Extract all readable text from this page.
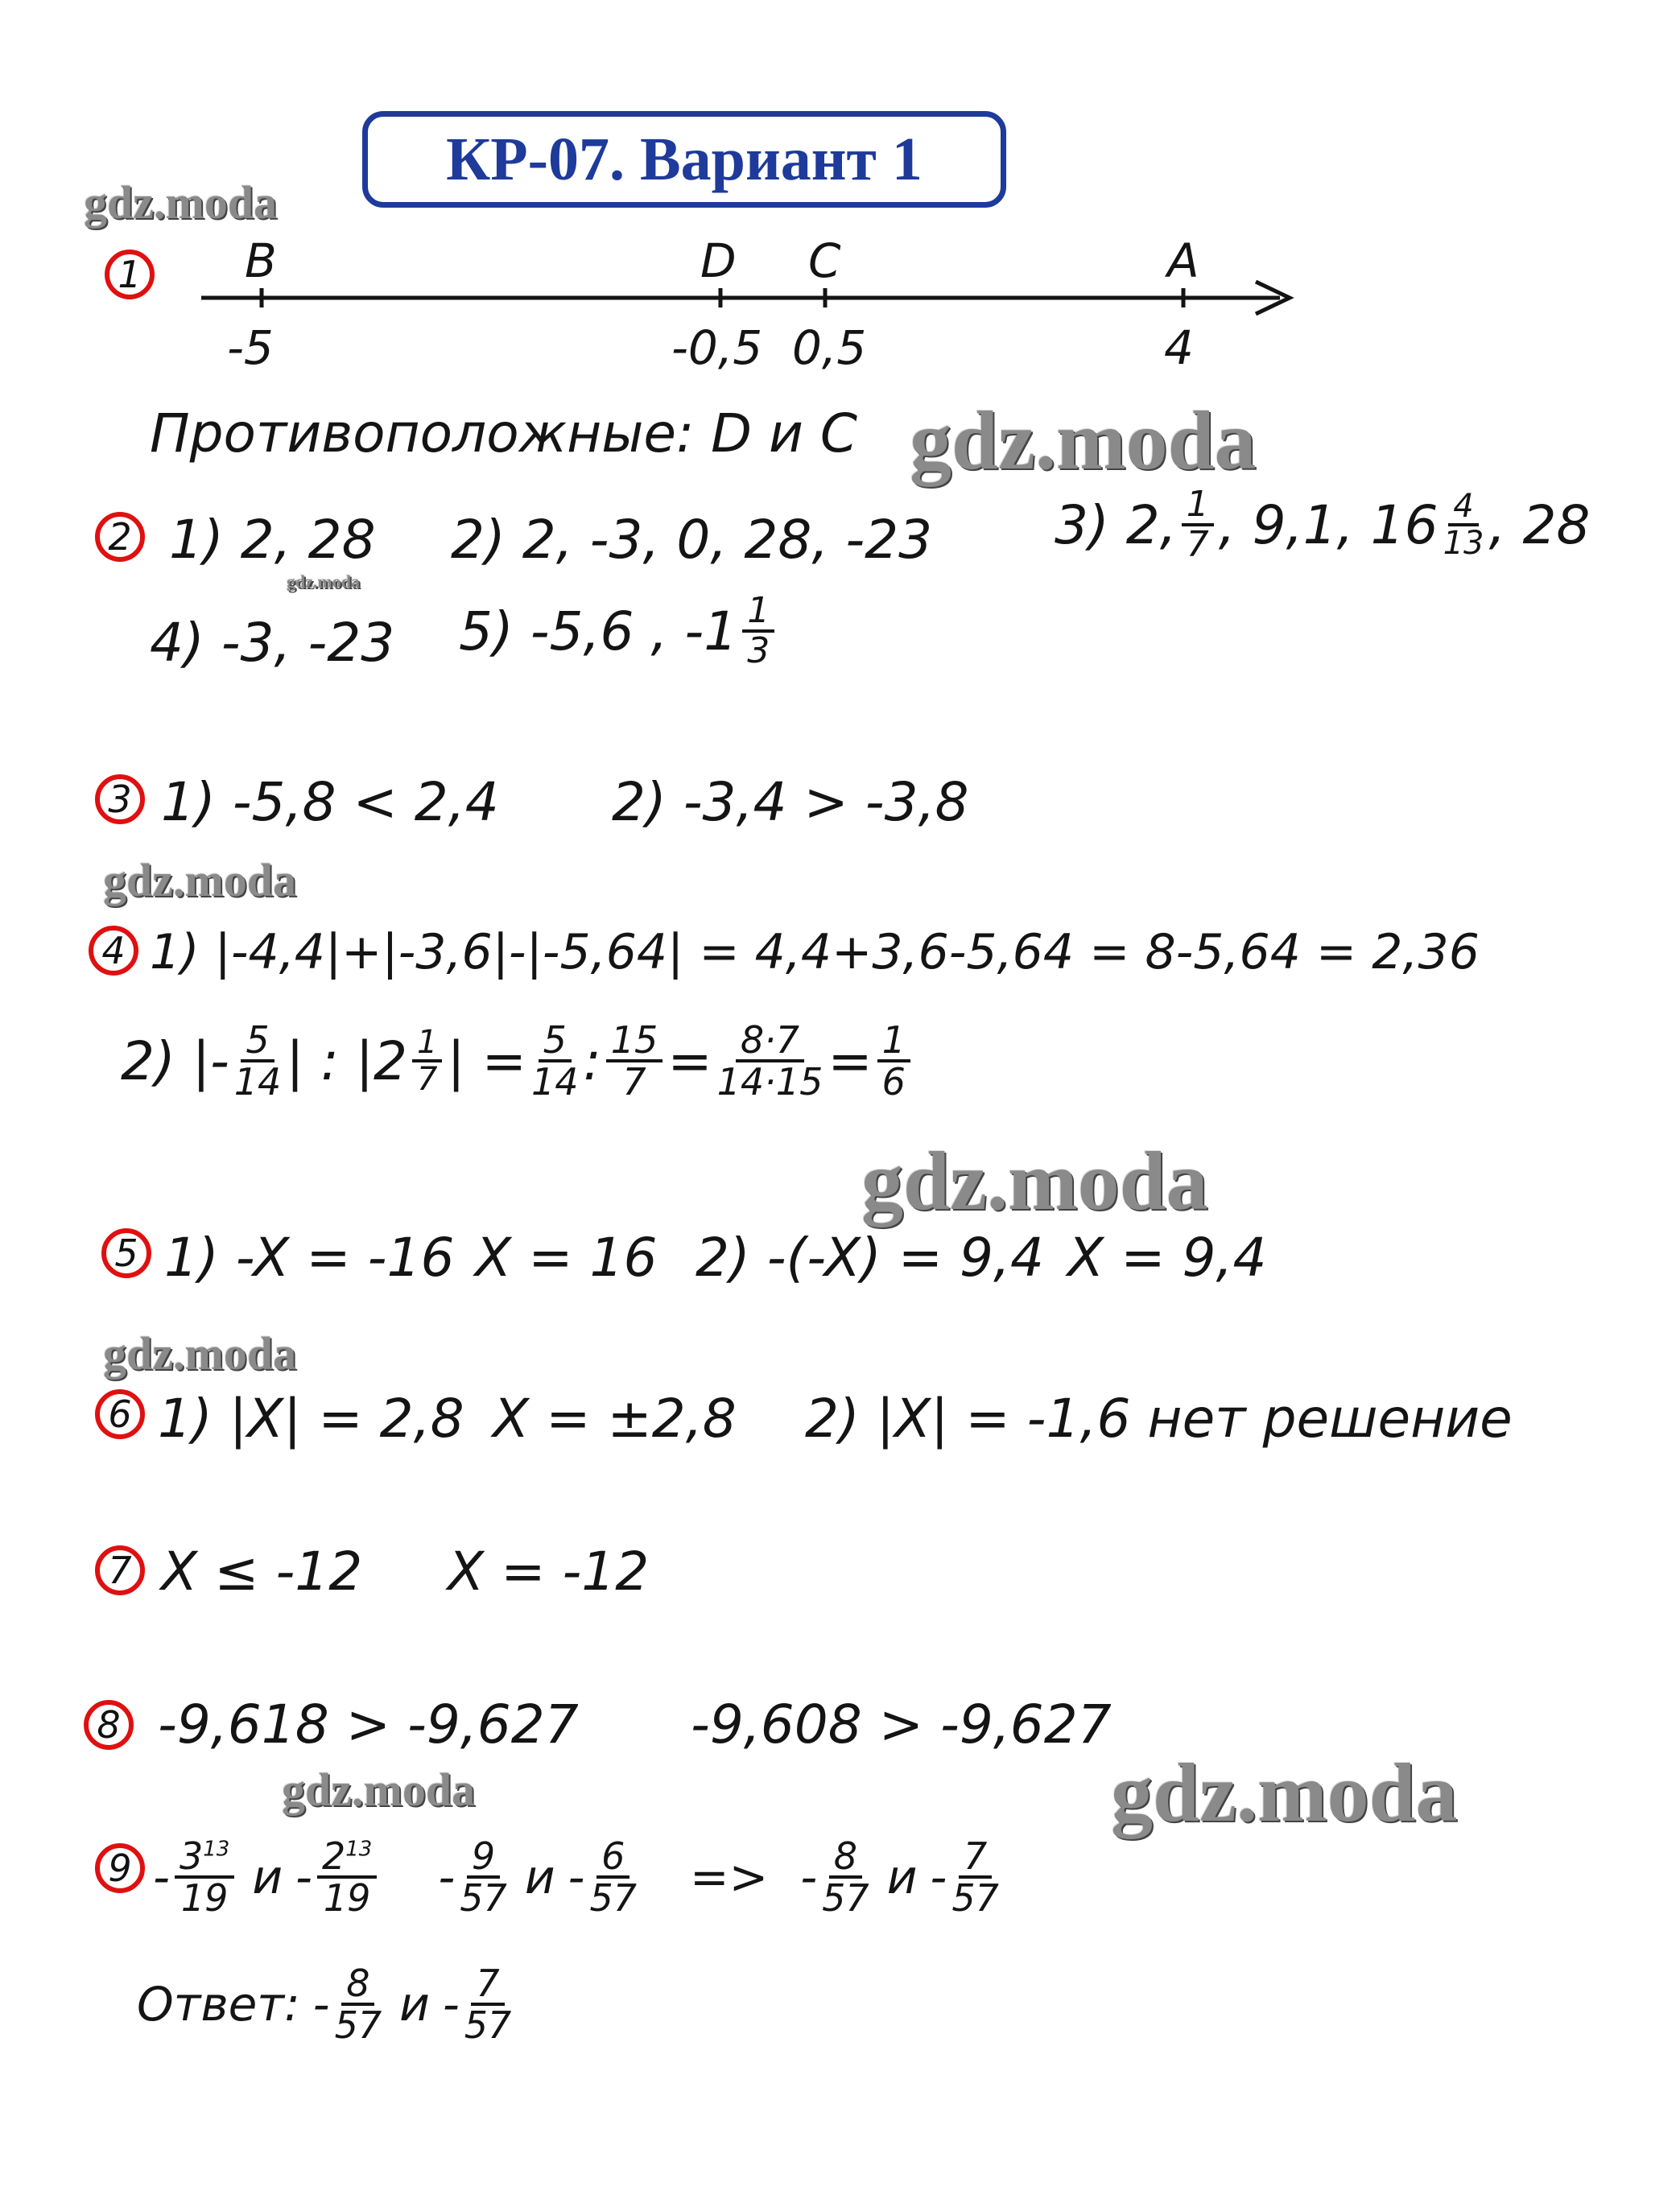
КР-07. Вариант 1
gdz.moda
gdz.moda
gdz.moda
gdz.moda
gdz.moda
gdz.moda
gdz.moda	gdz.moda
1
2
3
4
5
6
7
8
9
B	D C	A
-5	-0,5 0,5	4
Противоположные: D и C
1) 2, 28 2) 2, -3, 0, 28, -23 3) 2, $\frac{1}{7}$ , 9,1, $16 \frac{4}{13}$ , 28
4) -3, -23 5) -5,6 , $-1 \frac{1}{3}$
1) -5,8 < 2,4 2) -3,4 > -3,8
1) |-4,4|+|-3,6|-|-5,64| = 4,4+3,6-5,64 = 8-5,64 = 2,36
2) |- $\frac{5}{14}$ | : $|2 \frac{1}{7}$ | = $\frac{5}{14}$ : $\frac{15}{7} = \frac{8\cdot 7}{14\cdot 15} = \frac{1}{6}$
1) -X = -16 X = 16 2) -(-X) = 9,4 X = 9,4
1) |X| = 2,8 X = ±2,8 2) |X| = -1,6 нет решение
X ≤ -12 X = -12
-9,618 > -9,627 -9,608 > -9,627
- $\frac{3^{13}}{19}$ и - $\frac{2^{13}}{19} - \frac{9}{57}$ и - $\frac{6}{57}$ => - $\frac{8}{57}$ и - $\frac{7}{57}$
Ответ: - $\frac{8}{57}$ и - $\frac{7}{57}$
